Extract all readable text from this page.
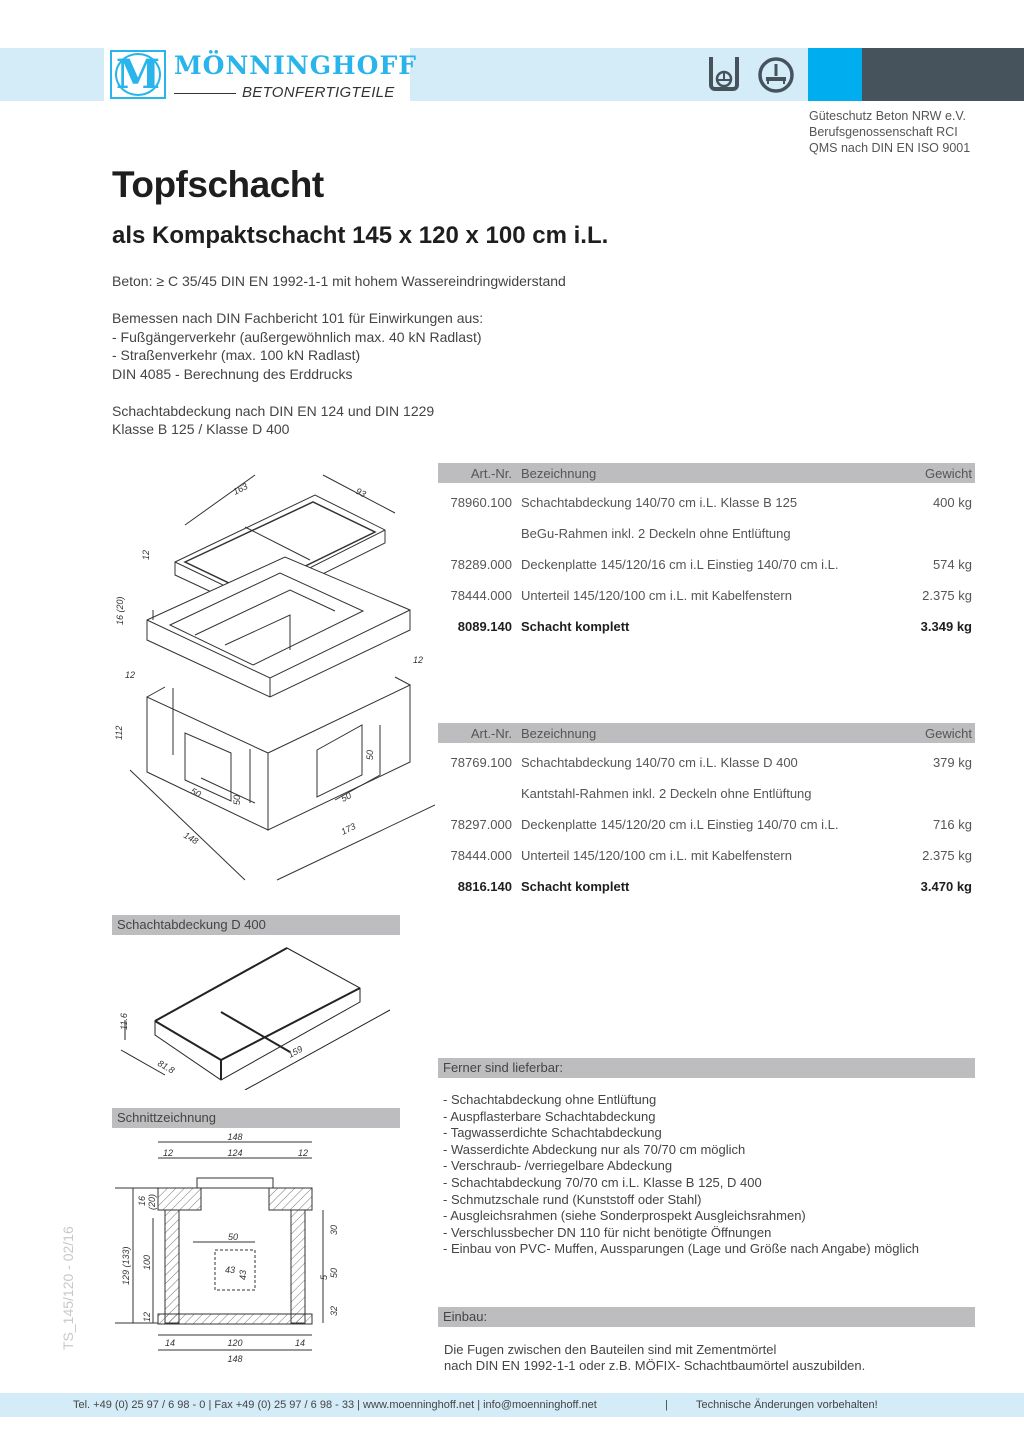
M MÖNNINGHOFF
BETONFERTIGTEILE
Güteschutz Beton NRW e.V.
Berufsgenossenschaft RCI
QMS nach DIN EN ISO 9001
Topfschacht
als Kompaktschacht 145 x 120 x 100 cm i.L.

Beton: ≥ C 35/45 DIN EN 1992-1-1 mit hohem Wassereindringwiderstand

Bemessen nach DIN Fachbericht 101 für Einwirkungen aus:

- Fußgängerverkehr (außergewöhnlich max. 40 kN Radlast)

- Straßenverkehr (max. 100 kN Radlast)

DIN 4085 - Berechnung des Erddrucks

Schachtabdeckung nach DIN EN 124 und DIN 1229

Klasse B 125 / Klasse D 400

Art.-Nr. Bezeichnung	Gewicht
78960.100 Schachtabdeckung 140/70 cm i.L. Klasse B 125	400 kg
BeGu-Rahmen inkl. 2 Deckeln ohne Entlüftung
78289.000 Deckenplatte 145/120/16 cm i.L Einstieg 140/70 cm i.L.	574 kg
78444.000 Unterteil 145/120/100 cm i.L. mit Kabelfenstern	2.375 kg
8089.140 Schacht komplett	3.349 kg
Art.-Nr. Bezeichnung	Gewicht
78769.100 Schachtabdeckung 140/70 cm i.L. Klasse D 400	379 kg
Kantstahl-Rahmen inkl. 2 Deckeln ohne Entlüftung
78297.000 Deckenplatte 145/120/20 cm i.L Einstieg 140/70 cm i.L.	716 kg
78444.000 Unterteil 145/120/100 cm i.L. mit Kabelfenstern	2.375 kg
8816.140 Schacht komplett	3.470 kg
163	93
12
16 (20)
12
12
112
50
50	50
50
148
173
Schachtabdeckung D 400
11.6
81.8
159
Schnittzeichnung
148
12	124	12
16 (20)
129 (133) 100
12
50
43 43
30
50
32
5
14	120	14
148
TS_145/120 - 02/16
Ferner sind lieferbar:
- Schachtabdeckung ohne Entlüftung
- Auspflasterbare Schachtabdeckung
- Tagwasserdichte Schachtabdeckung
- Wasserdichte Abdeckung nur als 70/70 cm möglich
- Verschraub- /verriegelbare Abdeckung
- Schachtabdeckung 70/70 cm i.L. Klasse B 125, D 400
- Schmutzschale rund (Kunststoff oder Stahl)
- Ausgleichsrahmen (siehe Sonderprospekt Ausgleichsrahmen)
- Verschlussbecher DN 110 für nicht benötigte Öffnungen
- Einbau von PVC- Muffen, Aussparungen (Lage und Größe nach Angabe) möglich
Einbau:
Die Fugen zwischen den Bauteilen sind mit Zementmörtel
nach DIN EN 1992-1-1 oder z.B. MÖFIX- Schachtbaumörtel auszubilden.
Tel. +49 (0) 25 97 / 6 98 - 0 | Fax +49 (0) 25 97 / 6 98 - 33 | www.moenninghoff.net | info@moenninghoff.net	|	Technische Änderungen vorbehalten!
